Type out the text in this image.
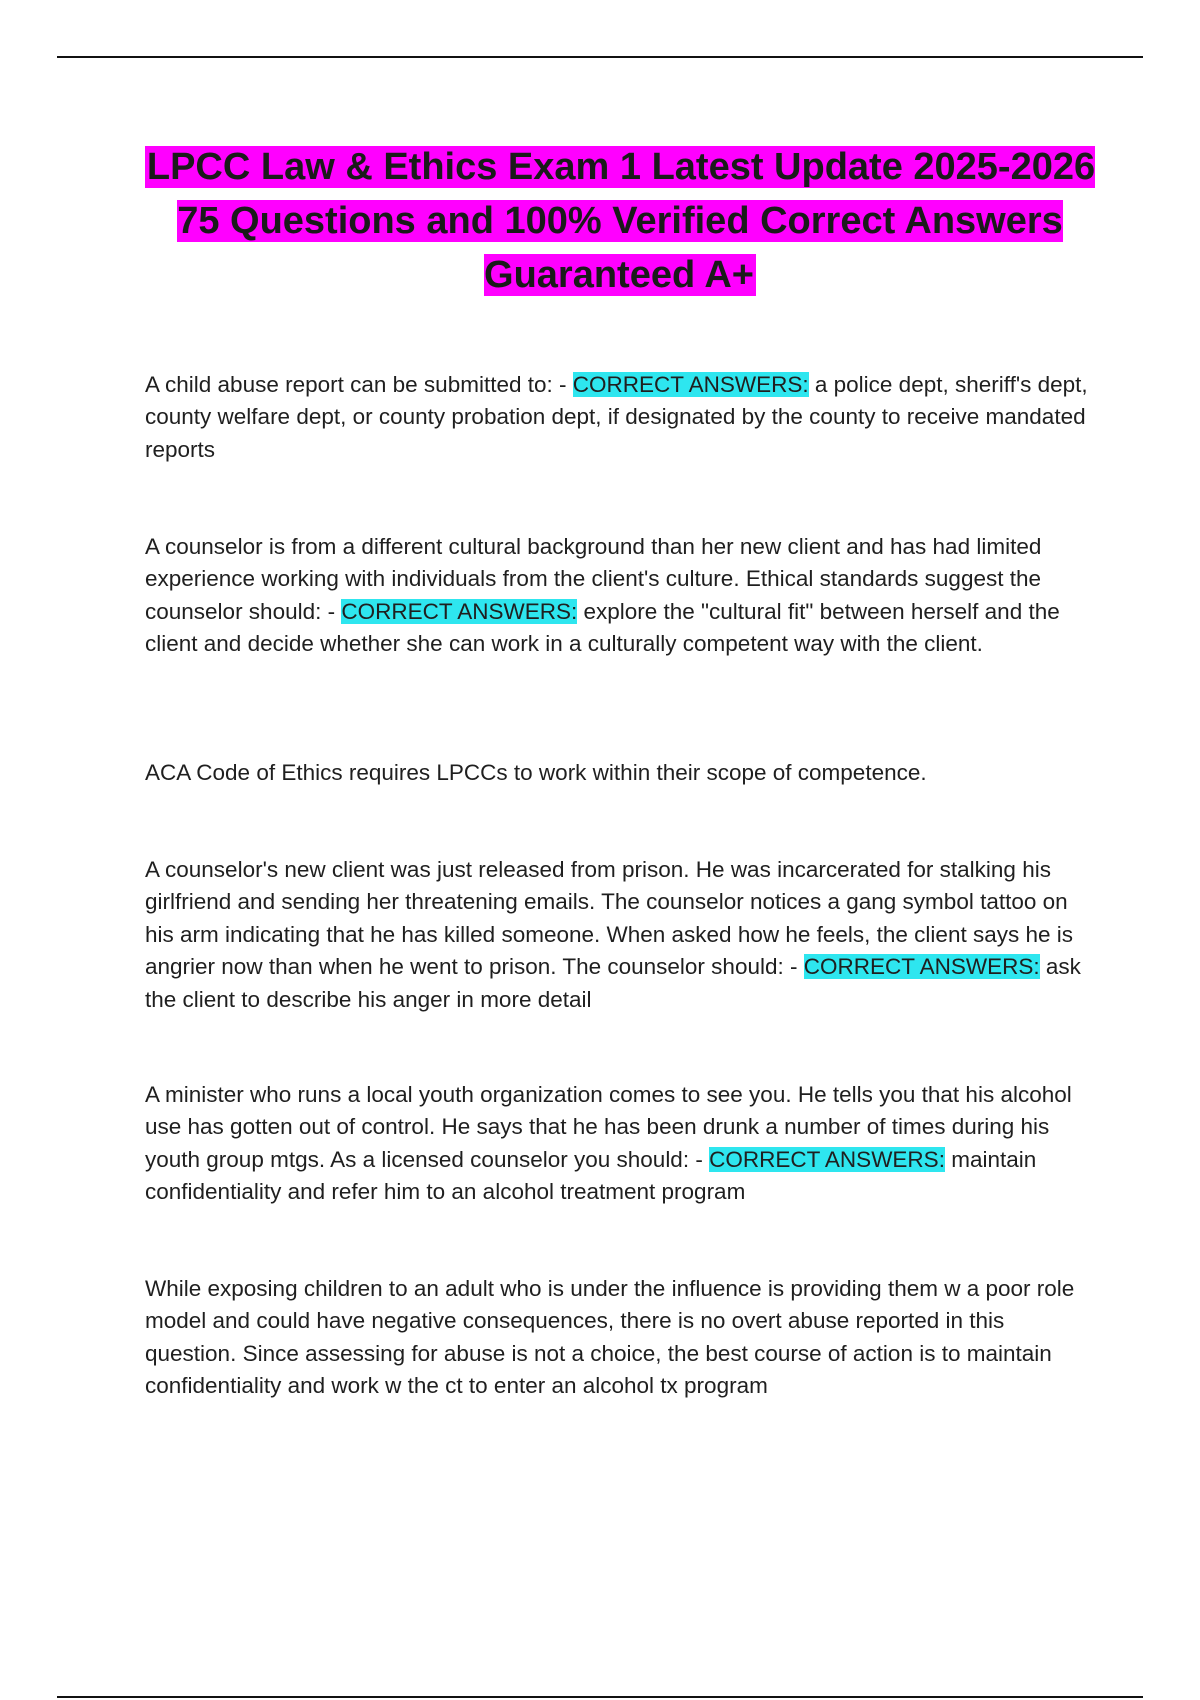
LPCC Law & Ethics Exam 1 Latest Update 2025-2026 75 Questions and 100% Verified Correct Answers Guaranteed A+

A child abuse report can be submitted to: - CORRECT ANSWERS: a police dept, sheriff's dept, county welfare dept, or county probation dept, if designated by the county to receive mandated reports

A counselor is from a different cultural background than her new client and has had limited experience working with individuals from the client's culture. Ethical standards suggest the counselor should: - CORRECT ANSWERS: explore the "cultural fit" between herself and the client and decide whether she can work in a culturally competent way with the client.

ACA Code of Ethics requires LPCCs to work within their scope of competence.

A counselor's new client was just released from prison. He was incarcerated for stalking his girlfriend and sending her threatening emails. The counselor notices a gang symbol tattoo on his arm indicating that he has killed someone. When asked how he feels, the client says he is angrier now than when he went to prison. The counselor should: - CORRECT ANSWERS: ask the client to describe his anger in more detail

A minister who runs a local youth organization comes to see you. He tells you that his alcohol use has gotten out of control. He says that he has been drunk a number of times during his youth group mtgs. As a licensed counselor you should: - CORRECT ANSWERS: maintain confidentiality and refer him to an alcohol treatment program

While exposing children to an adult who is under the influence is providing them w a poor role model and could have negative consequences, there is no overt abuse reported in this question. Since assessing for abuse is not a choice, the best course of action is to maintain confidentiality and work w the ct to enter an alcohol tx program
